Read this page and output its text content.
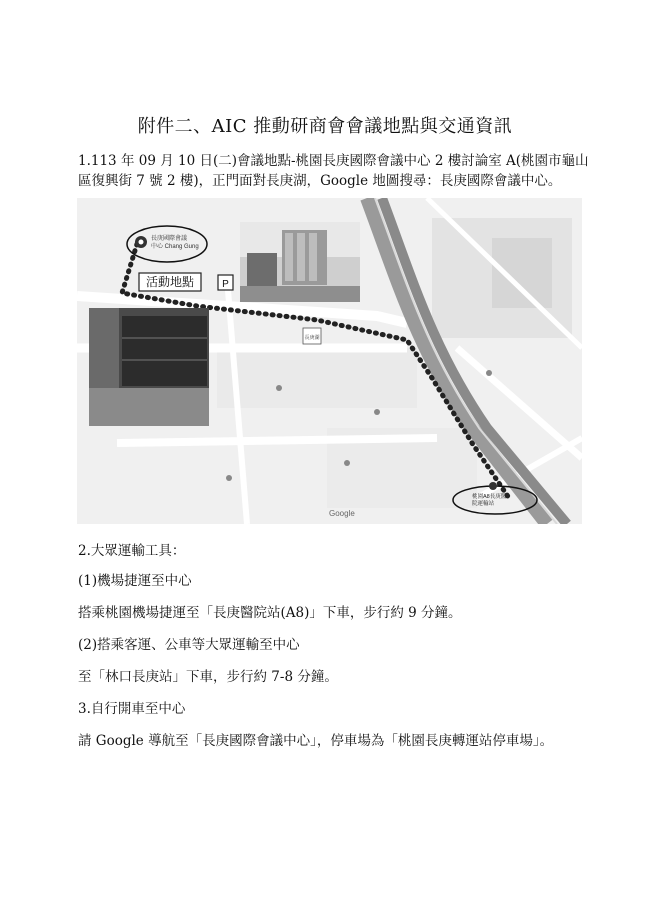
附件二、AIC 推動研商會會議地點與交通資訊
1.113 年 09 月 10 日(二)會議地點-桃園長庚國際會議中心 2 樓討論室 A(桃園市龜山區復興街 7 號 2 樓)，正門面對長庚湖，Google 地圖搜尋：長庚國際會議中心。
長庚國際會議
中心 Chang Gung
活動地點	P
長庚湖
桃園A8長庚醫
院運輸站
Google
2.大眾運輸工具：
(1)機場捷運至中心
搭乘桃園機場捷運至「長庚醫院站(A8)」下車，步行約 9 分鐘。
(2)搭乘客運、公車等大眾運輸至中心
至「林口長庚站」下車，步行約 7-8 分鐘。
3.自行開車至中心
請 Google 導航至「長庚國際會議中心」，停車場為「桃園長庚轉運站停車場」。
